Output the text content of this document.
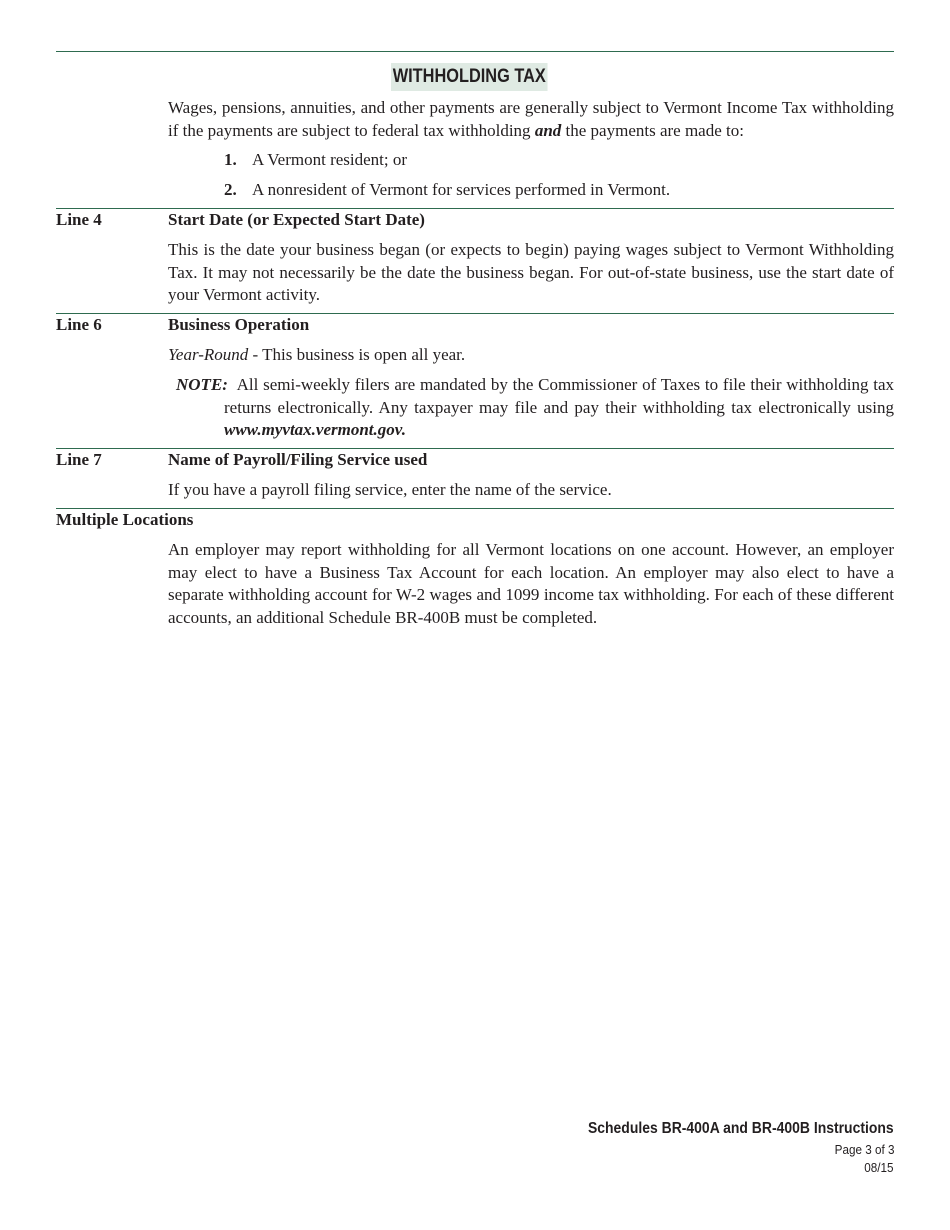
WITHHOLDING TAX
Wages, pensions, annuities, and other payments are generally subject to Vermont Income Tax withholding if the payments are subject to federal tax withholding and the payments are made to:
1. A Vermont resident; or
2. A nonresident of Vermont for services performed in Vermont.
Line 4	Start Date (or Expected Start Date)
This is the date your business began (or expects to begin) paying wages subject to Vermont Withholding Tax. It may not necessarily be the date the business began. For out-of-state business, use the start date of your Vermont activity.
Line 6	Business Operation
Year-Round - This business is open all year.
NOTE: All semi-weekly filers are mandated by the Commissioner of Taxes to file their withholding tax returns electronically. Any taxpayer may file and pay their withholding tax electronically using www.myvtax.vermont.gov.
Line 7	Name of Payroll/Filing Service used
If you have a payroll filing service, enter the name of the service.
Multiple Locations
An employer may report withholding for all Vermont locations on one account. However, an employer may elect to have a Business Tax Account for each location. An employer may also elect to have a separate withholding account for W-2 wages and 1099 income tax withholding. For each of these different accounts, an additional Schedule BR-400B must be completed.
Schedules BR-400A and BR-400B Instructions
Page 3 of 3
08/15
